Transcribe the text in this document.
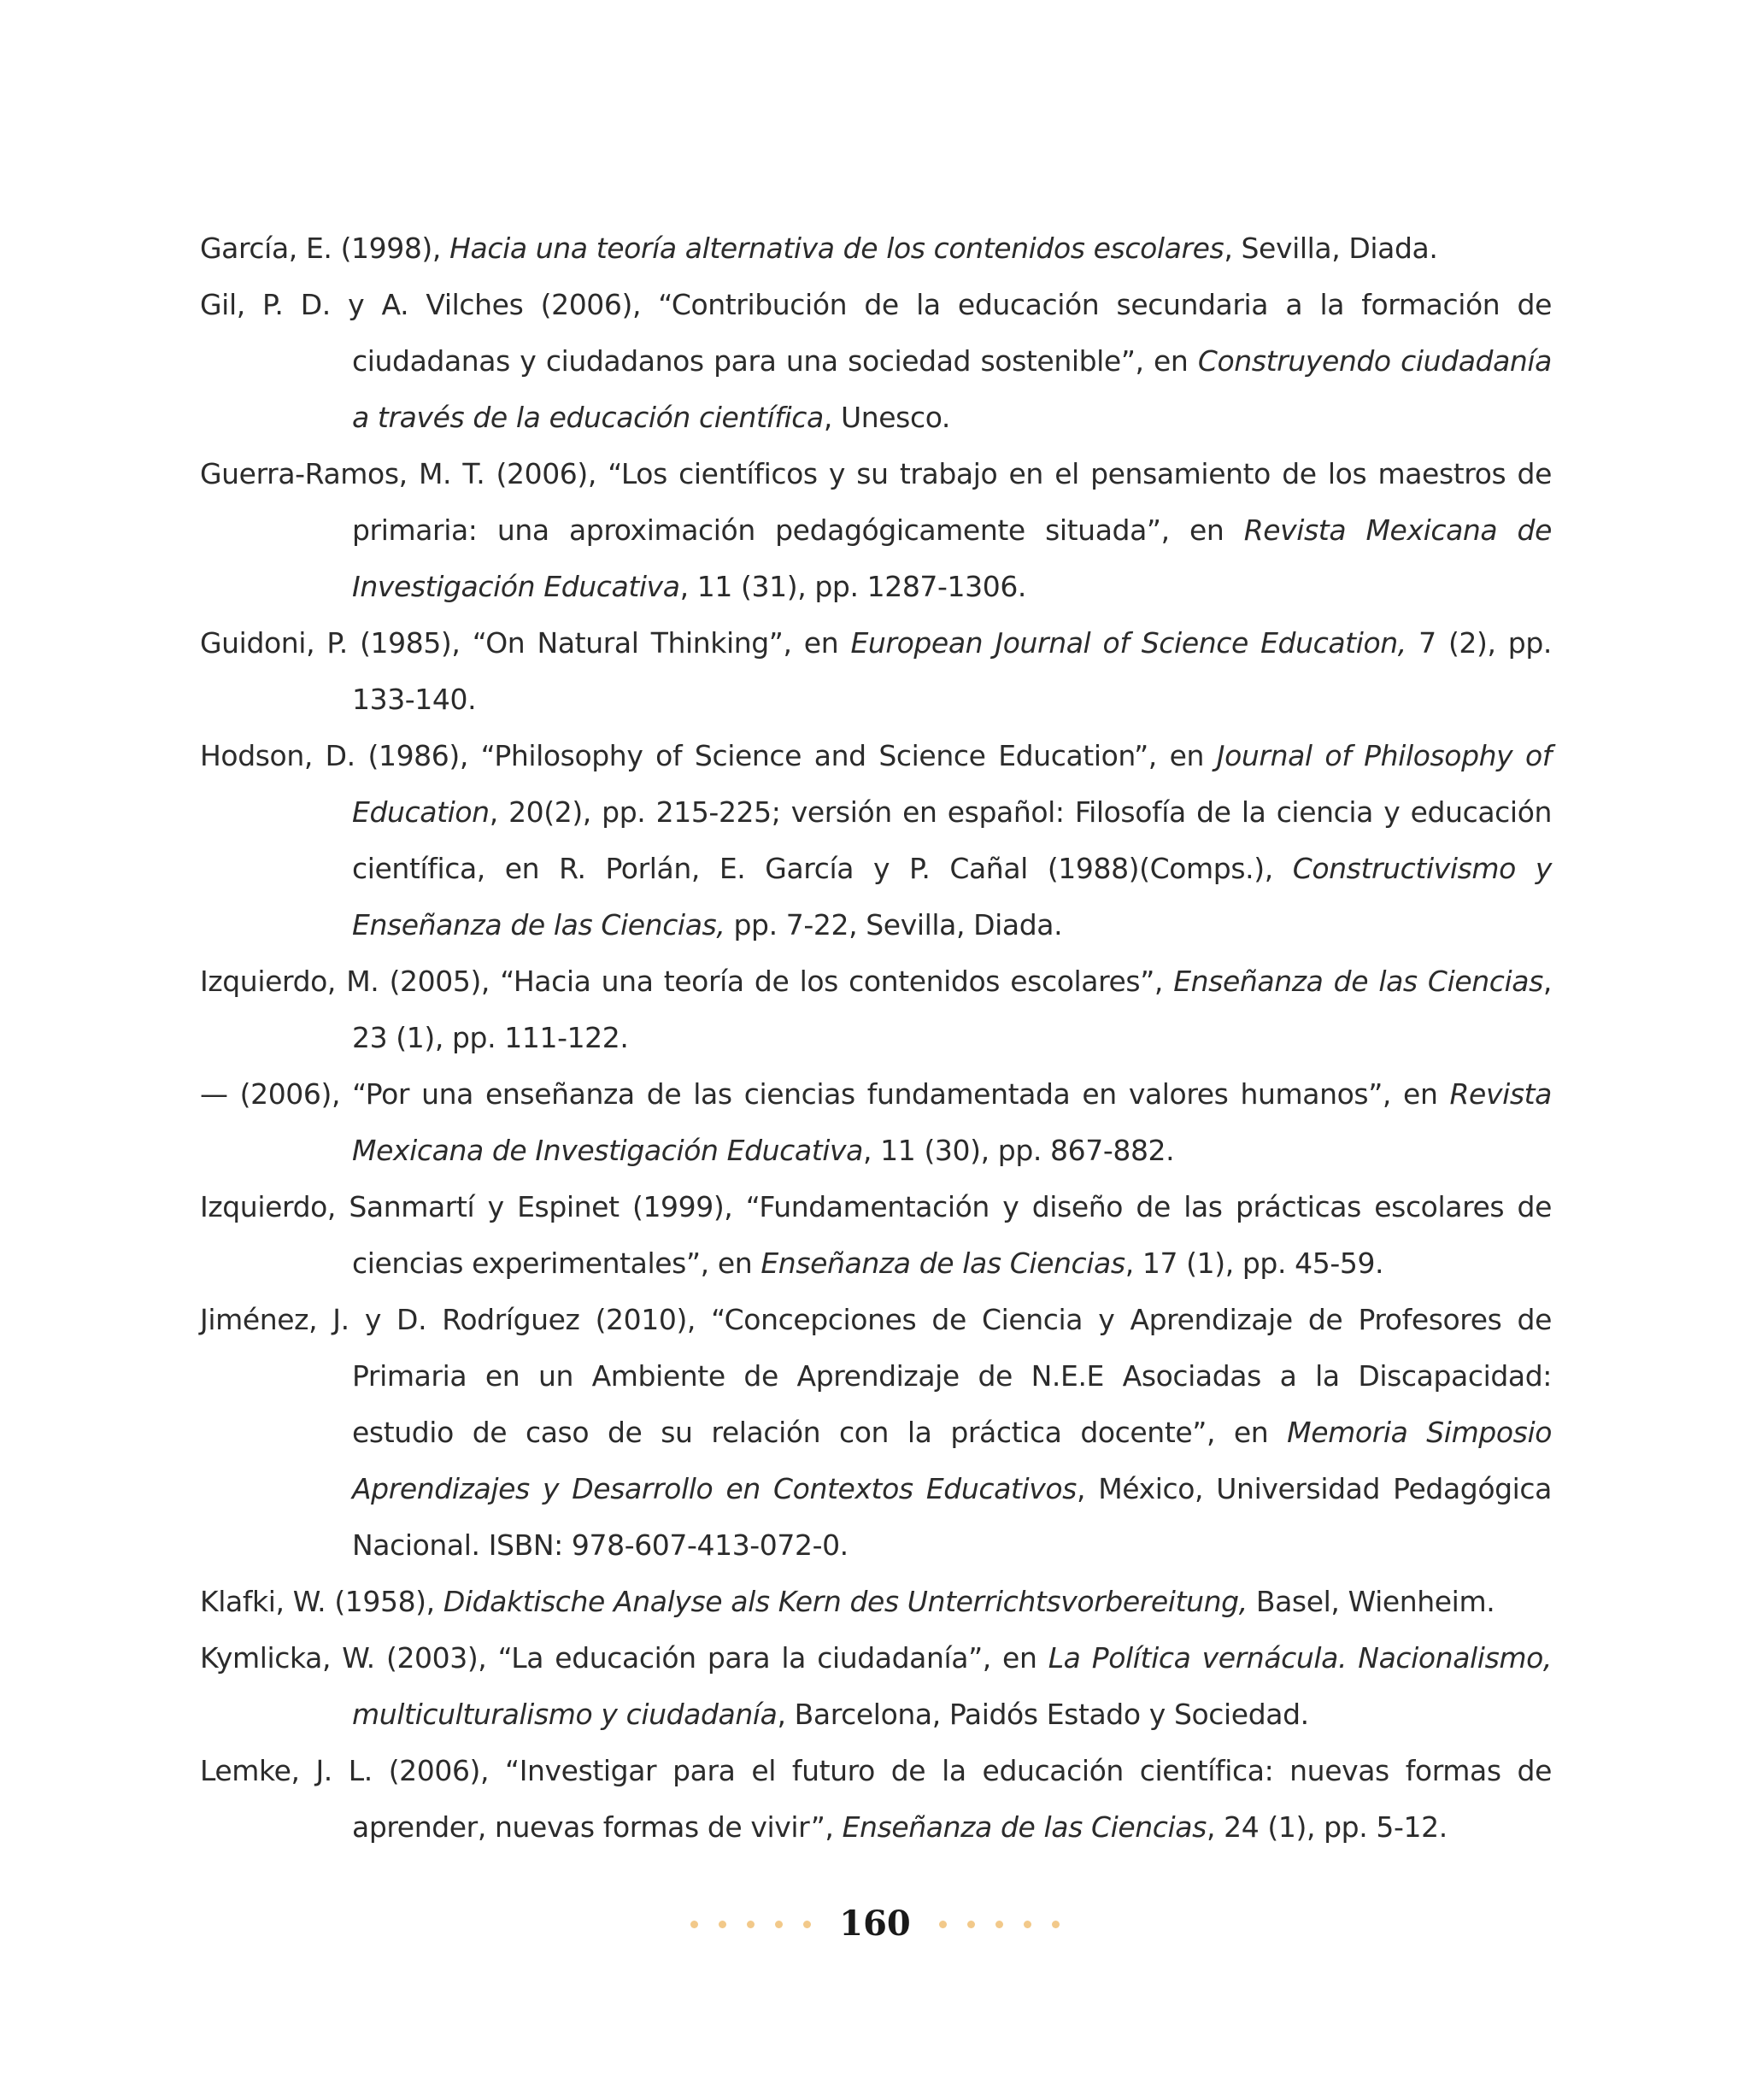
García, E. (1998), Hacia una teoría alternativa de los contenidos escolares, Sevilla, Diada.

Gil, P. D. y A. Vilches (2006), “Contribución de la educación secundaria a la formación de ciudadanas y ciudadanos para una sociedad sostenible”, en Construyendo ciudadanía a través de la educación científica, Unesco.

Guerra-Ramos, M. T. (2006), “Los científicos y su trabajo en el pensamiento de los maestros de primaria: una aproximación pedagógicamente situada”, en Revista Mexicana de Investigación Educativa, 11 (31), pp. 1287-1306.

Guidoni, P. (1985), “On Natural Thinking”, en European Journal of Science Education, 7 (2), pp. 133-140.

Hodson, D. (1986), “Philosophy of Science and Science Education”, en Journal of Philosophy of Education, 20(2), pp. 215-225; versión en español: Filosofía de la ciencia y educación científica, en R. Porlán, E. García y P. Cañal (1988)(Comps.), Constructivismo y Enseñanza de las Ciencias, pp. 7-22, Sevilla, Diada.

Izquierdo, M. (2005), “Hacia una teoría de los contenidos escolares”, Enseñanza de las Ciencias, 23 (1), pp. 111-122.

— (2006), “Por una enseñanza de las ciencias fundamentada en valores humanos”, en Revista Mexicana de Investigación Educativa, 11 (30), pp. 867-882.

Izquierdo, Sanmartí y Espinet (1999), “Fundamentación y diseño de las prácticas escolares de ciencias experimentales”, en Enseñanza de las Ciencias, 17 (1), pp. 45-59.

Jiménez, J. y D. Rodríguez (2010), “Concepciones de Ciencia y Aprendizaje de Profesores de Primaria en un Ambiente de Aprendizaje de N.E.E Asociadas a la Discapacidad: estudio de caso de su relación con la práctica docente”, en Memoria Simposio Aprendizajes y Desarrollo en Contextos Educativos, México, Universidad Pedagógica Nacional. ISBN: 978-607-413-072-0.

Klafki, W. (1958), Didaktische Analyse als Kern des Unterrichtsvorbereitung, Basel, Wienheim.

Kymlicka, W. (2003), “La educación para la ciudadanía”, en La Política vernácula. Nacionalismo, multiculturalismo y ciudadanía, Barcelona, Paidós Estado y Sociedad.

Lemke, J. L. (2006), “Investigar para el futuro de la educación científica: nuevas formas de aprender, nuevas formas de vivir”, Enseñanza de las Ciencias, 24 (1), pp. 5-12.

160
